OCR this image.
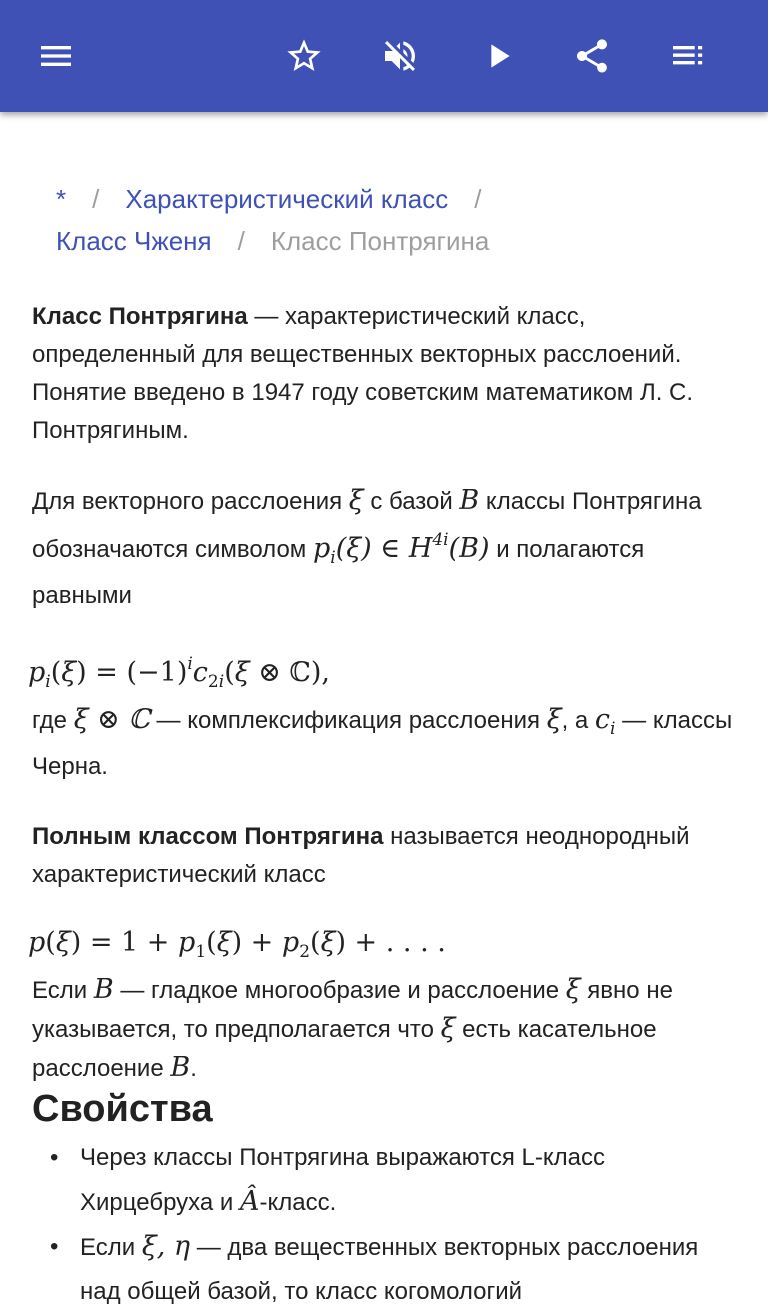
* / Характеристический класс /
Класс Чженя / Класс Понтрягина

Класс Понтрягина — характеристический класс, определенный для вещественных векторных расслоений. Понятие введено в 1947 году советским математиком Л. С. Понтрягиным.

Для векторного расслоения ξ с базой B классы Понтрягина обозначаются символом $p_i(\xi)$ ∈ $H^{4i}(B)$ и полагаются равными

$p_i(\xi) = (-1)^ic_{2i}(\xi$ ⊗ ℂ),

где ξ ⊗ ℂ — комплексификация расслоения ξ, а $c_i$ — классы Черна.

Полным классом Понтрягина называется неоднородный характеристический класс

$p(\xi) = 1 + p_1(\xi) + p_2(\xi)$ + . . . .

Если B — гладкое многообразие и расслоение ξ явно не указывается, то предполагается что ξ есть касательное расслоение B.

Свойства
• Через классы Понтрягина выражаются L-класс Хирцебруха и Â-класс.
• Если ξ, η — два вещественных векторных расслоения над общей базой, то класс когомологий
